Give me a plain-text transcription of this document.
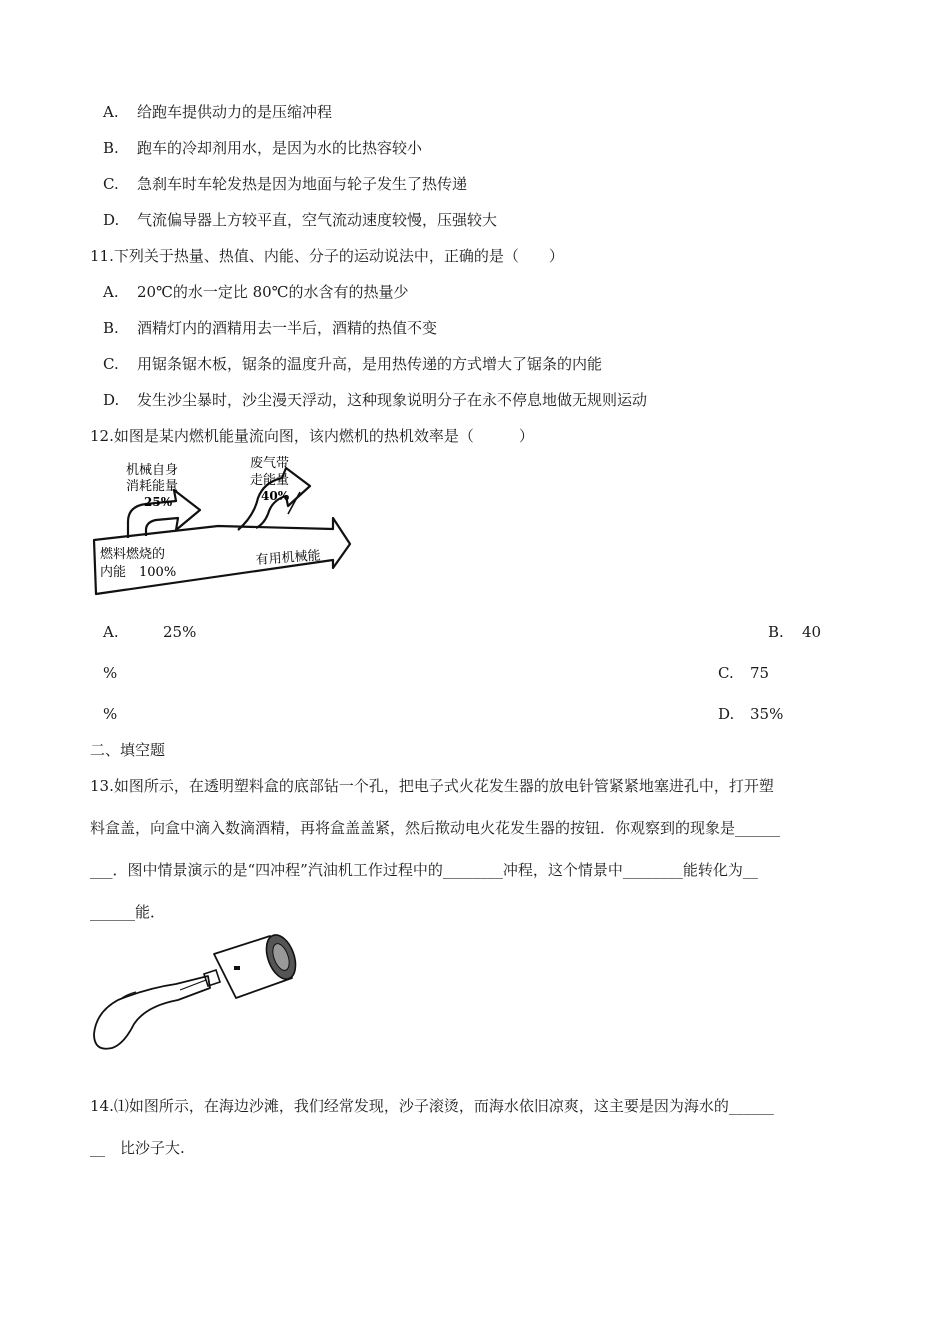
A. 给跑车提供动力的是压缩冲程
B. 跑车的冷却剂用水，是因为水的比热容较小
C. 急刹车时车轮发热是因为地面与轮子发生了热传递
D. 气流偏导器上方较平直，空气流动速度较慢，压强较大
11.下列关于热量、热值、内能、分子的运动说法中，正确的是（　　）
A. 20℃的水一定比 80℃的水含有的热量少
B. 酒精灯内的酒精用去一半后，酒精的热值不变
C. 用锯条锯木板，锯条的温度升高，是用热传递的方式增大了锯条的内能
D. 发生沙尘暴时，沙尘漫天浮动，这种现象说明分子在永不停息地做无规则运动
12.如图是某内燃机能量流向图，该内燃机的热机效率是（　　　）
机械自身
消耗能量
25%
废气带
走能量
40%
燃料燃烧的
内能　100%
有用机械能
A.	25%	B. 40
%	C. 75
%	D. 35%
二、填空题
13.如图所示，在透明塑料盒的底部钻一个孔，把电子式火花发生器的放电针管紧紧地塞进孔中，打开塑
料盒盖，向盒中滴入数滴酒精，再将盒盖盖紧，然后揿动电火花发生器的按钮．你观察到的现象是______
___．图中情景演示的是“四冲程”汽油机工作过程中的________冲程，这个情景中________能转化为__
______能．
14.⑴如图所示，在海边沙滩，我们经常发现，沙子滚烫，而海水依旧凉爽，这主要是因为海水的______
__　比沙子大.
